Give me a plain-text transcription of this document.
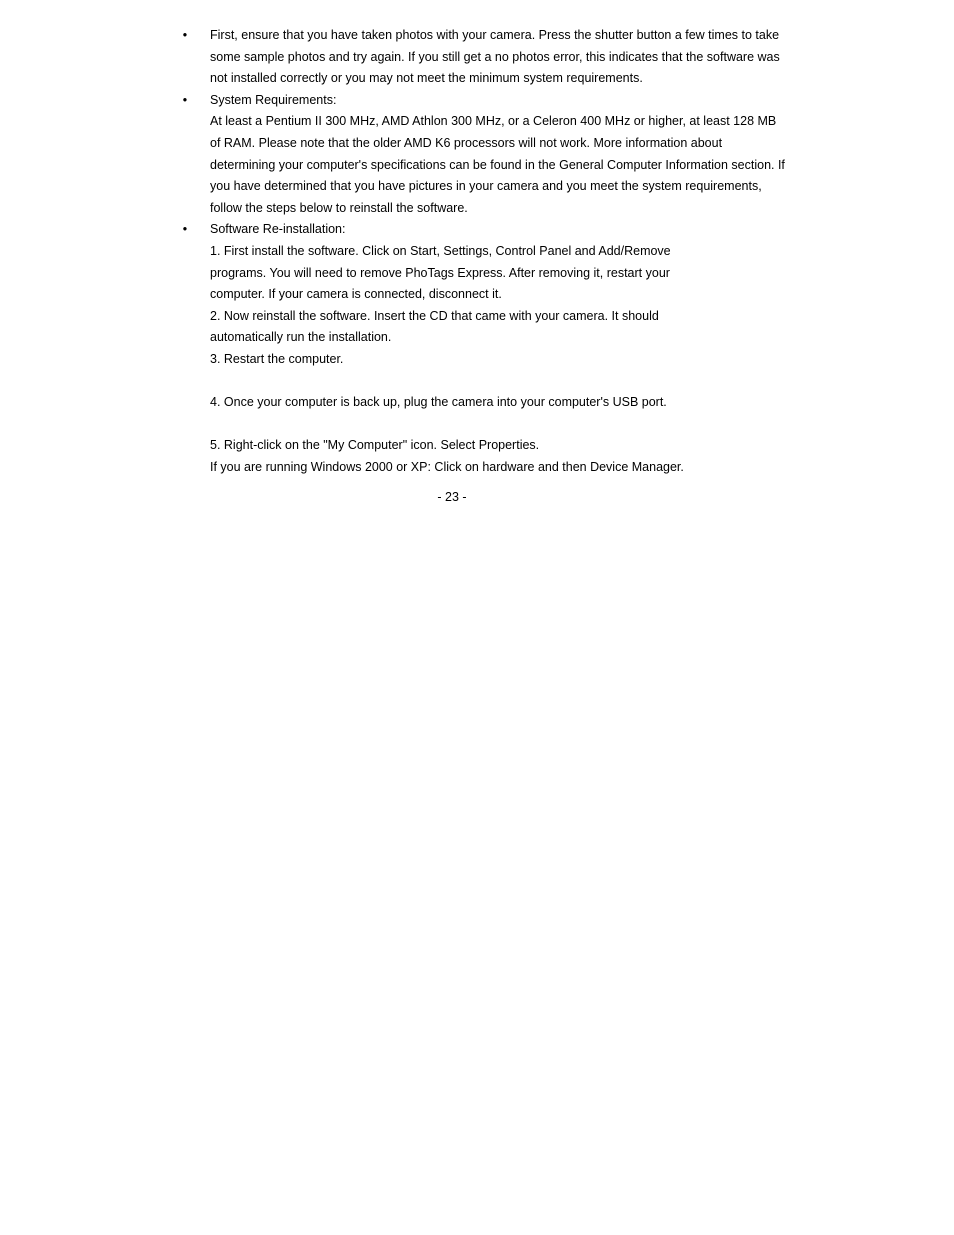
• First, ensure that you have taken photos with your camera. Press the shutter button a few times to take
some sample photos and try again. If you still get a no photos error, this indicates that the software was
not installed correctly or you may not meet the minimum system requirements.
• System Requirements:
At least a Pentium II 300 MHz, AMD Athlon 300 MHz, or a Celeron 400 MHz or higher, at least 128 MB
of RAM. Please note that the older AMD K6 processors will not work. More information about
determining your computer's specifications can be found in the General Computer Information section. If
you have determined that you have pictures in your camera and you meet the system requirements,
follow the steps below to reinstall the software.
• Software Re-installation:
1. First install the software. Click on Start, Settings, Control Panel and Add/Remove
programs. You will need to remove PhoTags Express. After removing it, restart your
computer. If your camera is connected, disconnect it.
2. Now reinstall the software. Insert the CD that came with your camera. It should
automatically run the installation.
3. Restart the computer.
4. Once your computer is back up, plug the camera into your computer's USB port.
5. Right-click on the "My Computer" icon. Select Properties.
If you are running Windows 2000 or XP: Click on hardware and then Device Manager.
- 23 -
